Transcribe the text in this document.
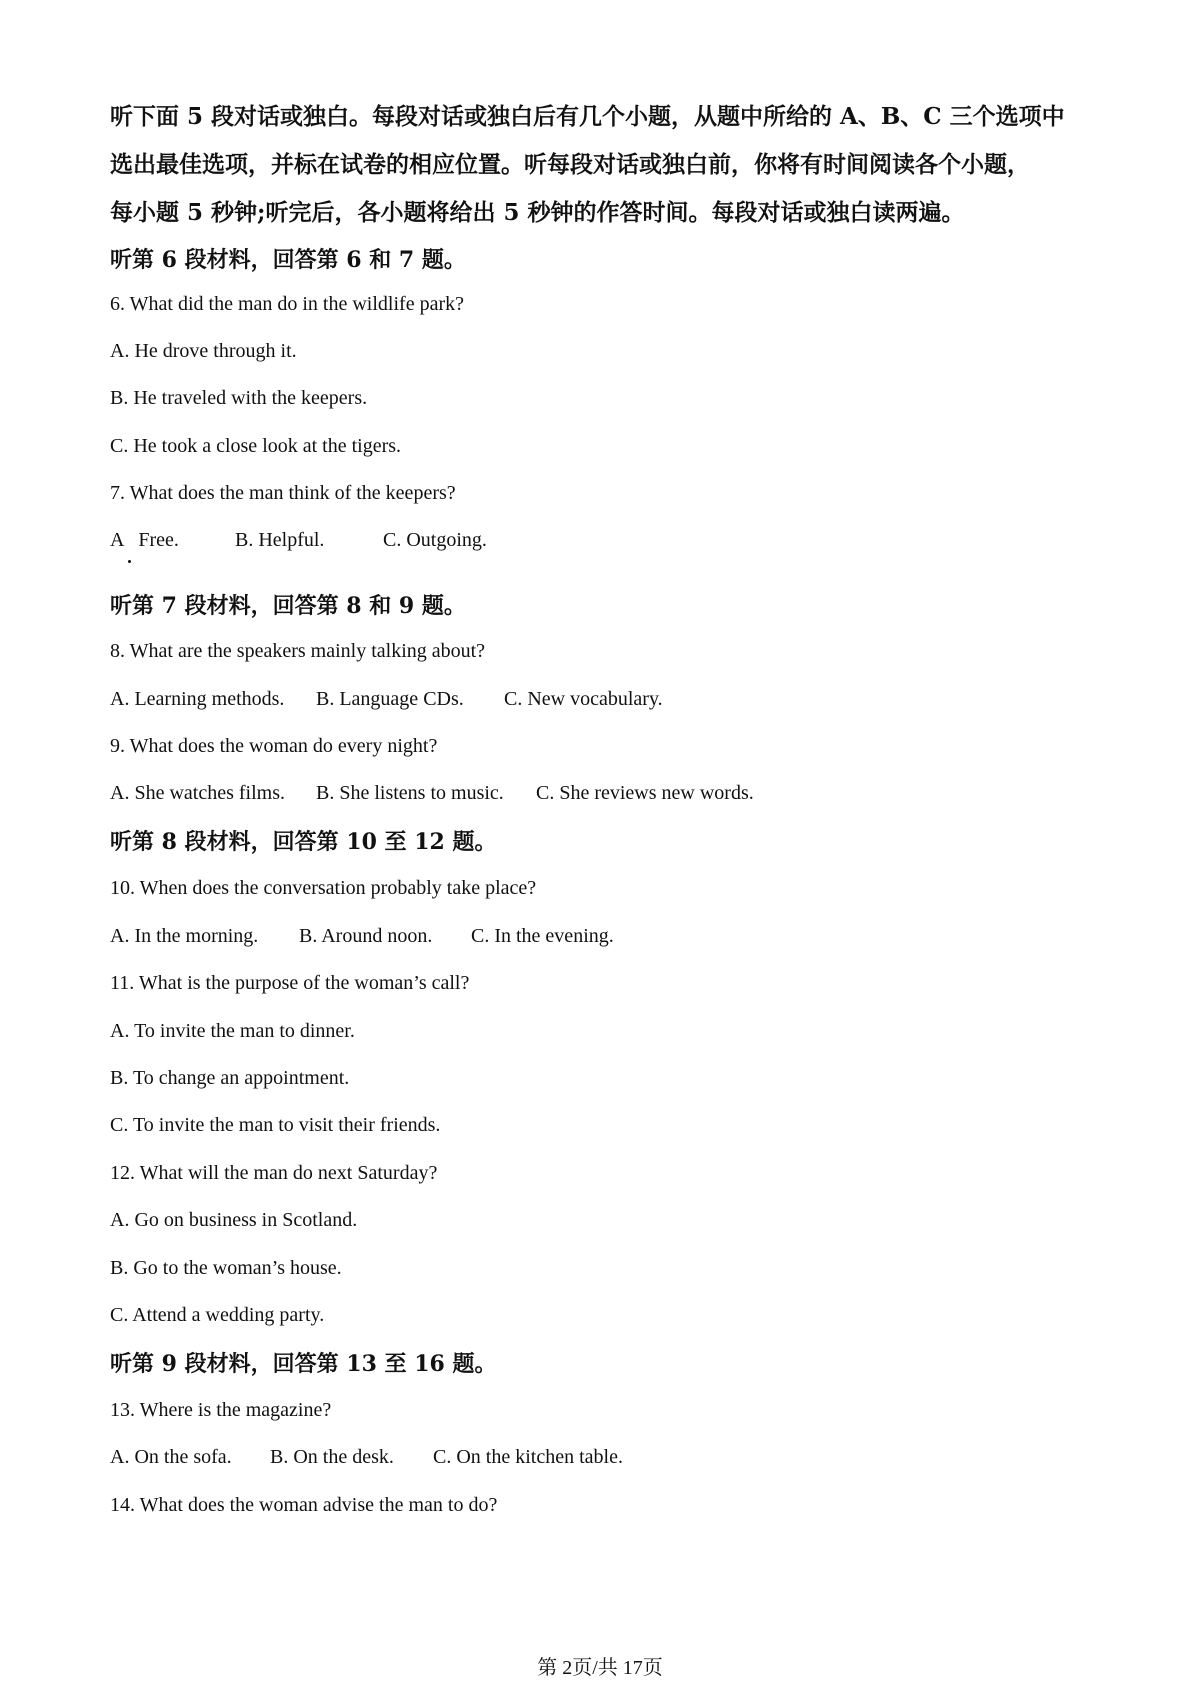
听下面 5 段对话或独白。每段对话或独白后有几个小题，从题中所给的 A、B、C 三个选项中
选出最佳选项，并标在试卷的相应位置。听每段对话或独白前，你将有时间阅读各个小题，
每小题 5 秒钟;听完后，各小题将给出 5 秒钟的作答时间。每段对话或独白读两遍。
听第 6 段材料，回答第 6 和 7 题。
6. What did the man do in the wildlife park?
A. He drove through it.
B. He traveled with the keepers.
C. He took a close look at the tigers.
7. What does the man think of the keepers?
A   Free.	B. Helpful.	C. Outgoing.
听第 7 段材料，回答第 8 和 9 题。
8. What are the speakers mainly talking about?
A. Learning methods. B. Language CDs. C. New vocabulary.
9. What does the woman do every night?
A. She watches films. B. She listens to music. C. She reviews new words.
听第 8 段材料，回答第 10 至 12 题。
10. When does the conversation probably take place?
A. In the morning. B. Around noon. C. In the evening.
11. What is the purpose of the woman’s call?
A. To invite the man to dinner.
B. To change an appointment.
C. To invite the man to visit their friends.
12. What will the man do next Saturday?
A. Go on business in Scotland.
B. Go to the woman’s house.
C. Attend a wedding party.
听第 9 段材料，回答第 13 至 16 题。
13. Where is the magazine?
A. On the sofa. B. On the desk. C. On the kitchen table.
14. What does the woman advise the man to do?
第 2页/共 17页
